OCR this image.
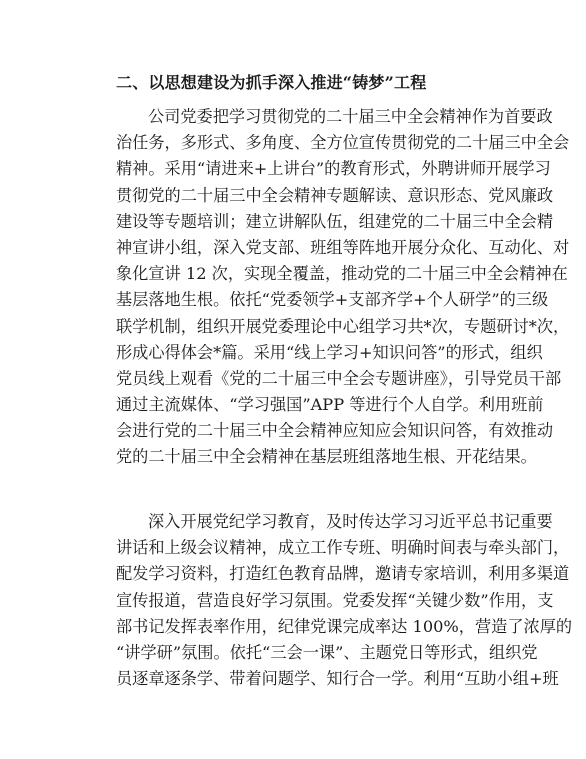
二、以思想建设为抓手深入推进“铸梦”工程
公司党委把学习贯彻党的二十届三中全会精神作为首要政
治任务，多形式、多角度、全方位宣传贯彻党的二十届三中全会
精神。采用“请进来+上讲台”的教育形式，外聘讲师开展学习
贯彻党的二十届三中全会精神专题解读、意识形态、党风廉政
建设等专题培训；建立讲解队伍，组建党的二十届三中全会精
神宣讲小组，深入党支部、班组等阵地开展分众化、互动化、对
象化宣讲 12 次，实现全覆盖，推动党的二十届三中全会精神在
基层落地生根。依托“党委领学+支部齐学+个人研学”的三级
联学机制，组织开展党委理论中心组学习共*次，专题研讨*次，
形成心得体会*篇。采用“线上学习+知识问答”的形式，组织
党员线上观看《党的二十届三中全会专题讲座》，引导党员干部
通过主流媒体、“学习强国”APP 等进行个人自学。利用班前
会进行党的二十届三中全会精神应知应会知识问答，有效推动
党的二十届三中全会精神在基层班组落地生根、开花结果。
深入开展党纪学习教育，及时传达学习习近平总书记重要
讲话和上级会议精神，成立工作专班、明确时间表与牵头部门，
配发学习资料，打造红色教育品牌，邀请专家培训，利用多渠道
宣传报道，营造良好学习氛围。党委发挥“关键少数”作用，支
部书记发挥表率作用，纪律党课完成率达 100%，营造了浓厚的
“讲学研”氛围。依托“三会一课”、主题党日等形式，组织党
员逐章逐条学、带着问题学、知行合一学。利用“互助小组+班
